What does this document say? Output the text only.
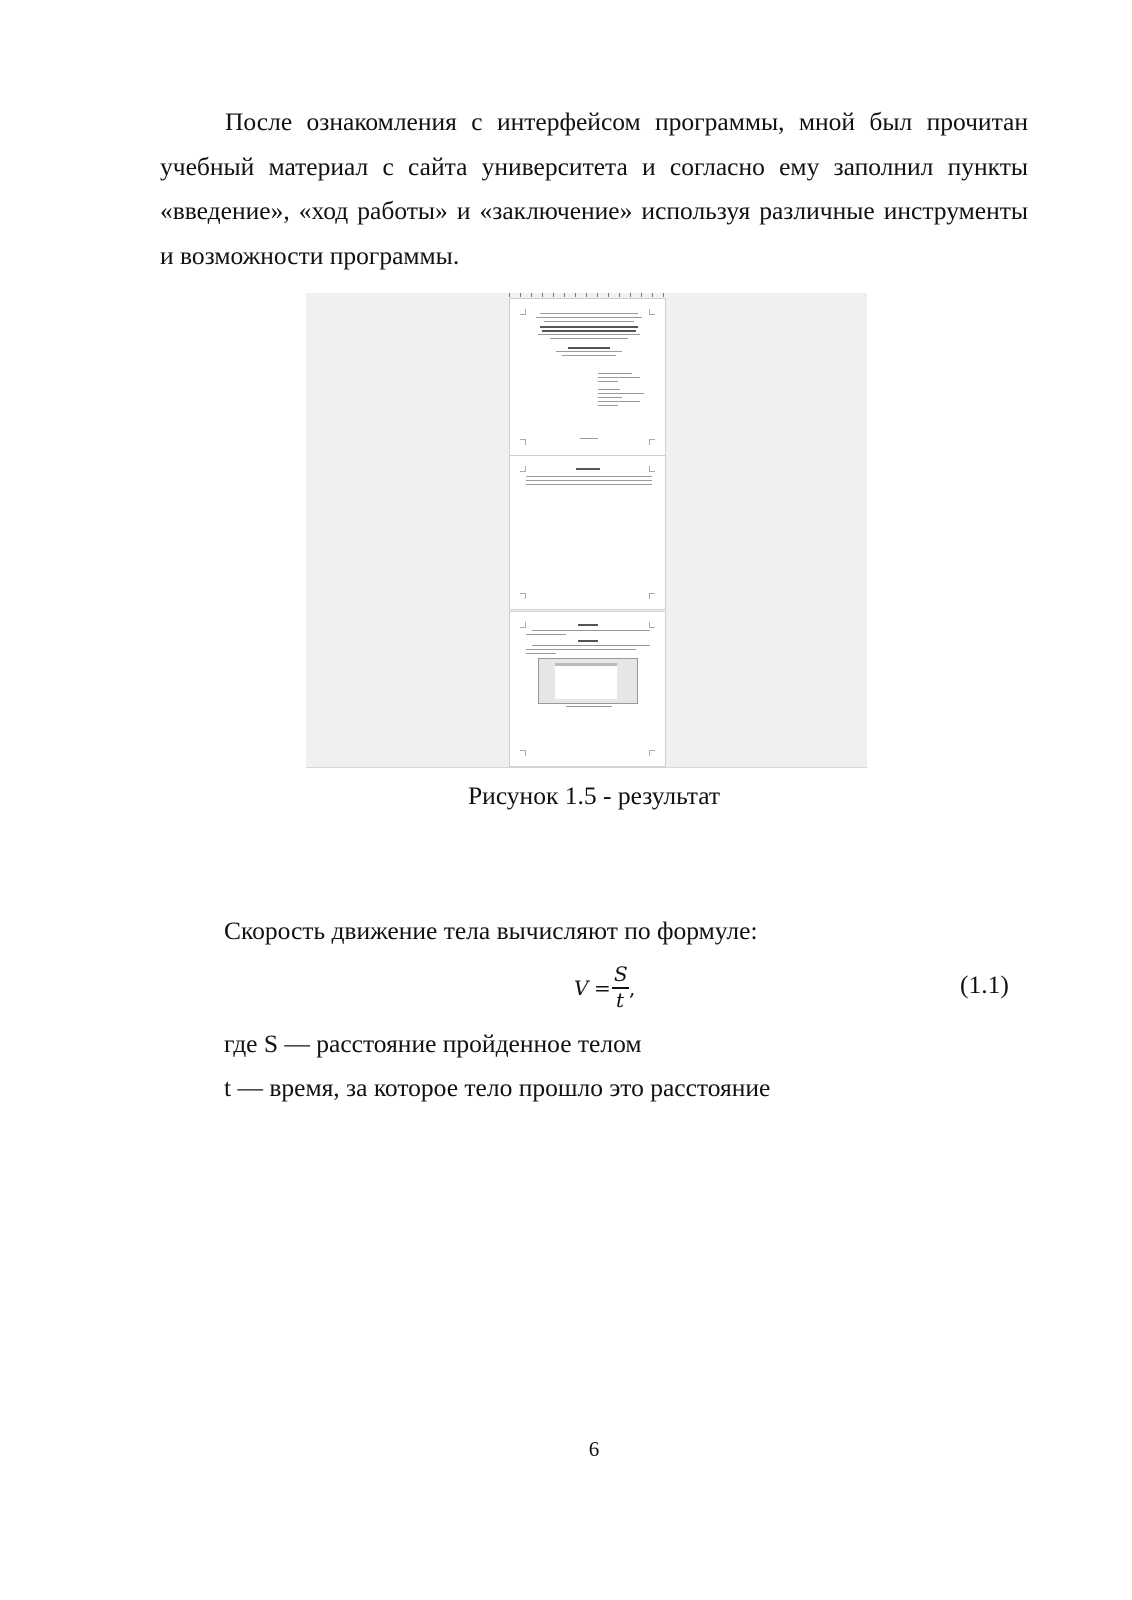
После ознакомления с интерфейсом программы, мной был прочитан учебный материал с сайта университета и согласно ему заполнил пункты «введение», «ход работы» и «заключение» используя различные инструменты и возможности программы.

Рисунок 1.5 - результат

Скорость движение тела вычисляют по формуле:

V =
S
t ,	(1.1)

где S — расстояние пройденное телом

t — время, за которое тело прошло это расстояние

6
